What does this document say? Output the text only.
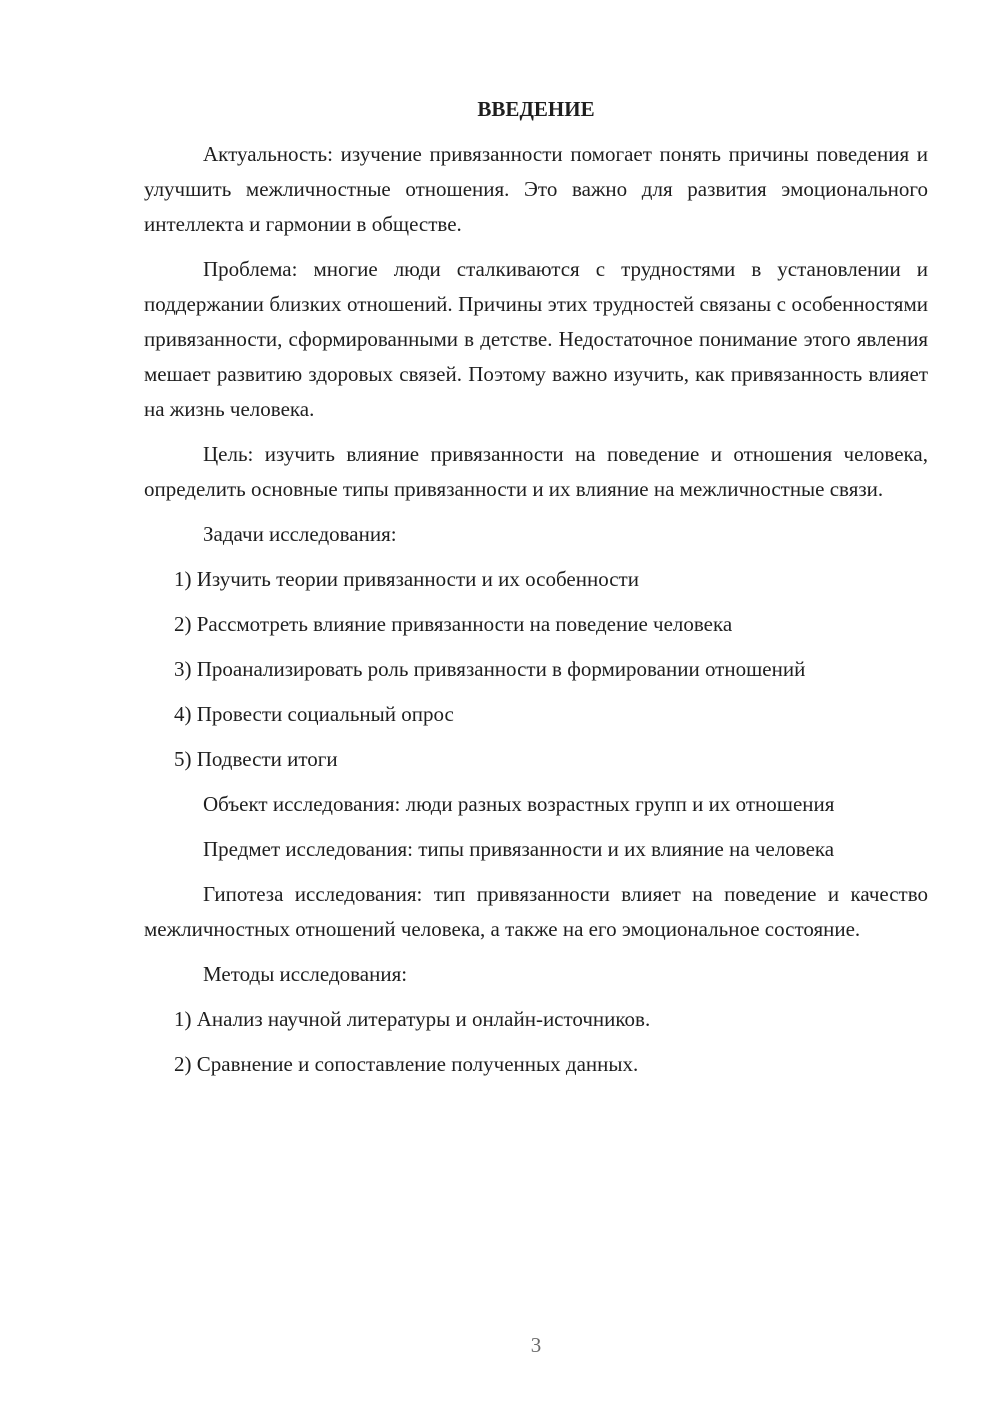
ВВЕДЕНИЕ

Актуальность: изучение привязанности помогает понять причины поведения и улучшить межличностные отношения. Это важно для развития эмоционального интеллекта и гармонии в обществе.

Проблема: многие люди сталкиваются с трудностями в установлении и поддержании близких отношений. Причины этих трудностей связаны с особенностями привязанности, сформированными в детстве. Недостаточное понимание этого явления мешает развитию здоровых связей. Поэтому важно изучить, как привязанность влияет на жизнь человека.

Цель: изучить влияние привязанности на поведение и отношения человека, определить основные типы привязанности и их влияние на межличностные связи.

Задачи исследования:

1) Изучить теории привязанности и их особенности

2) Рассмотреть влияние привязанности на поведение человека

3) Проанализировать роль привязанности в формировании отношений

4) Провести социальный опрос

5) Подвести итоги

Объект исследования: люди разных возрастных групп и их отношения

Предмет исследования: типы привязанности и их влияние на человека

Гипотеза исследования: тип привязанности влияет на поведение и качество межличностных отношений человека, а также на его эмоциональное состояние.

Методы исследования:

1) Анализ научной литературы и онлайн-источников.

2) Сравнение и сопоставление полученных данных.

3
